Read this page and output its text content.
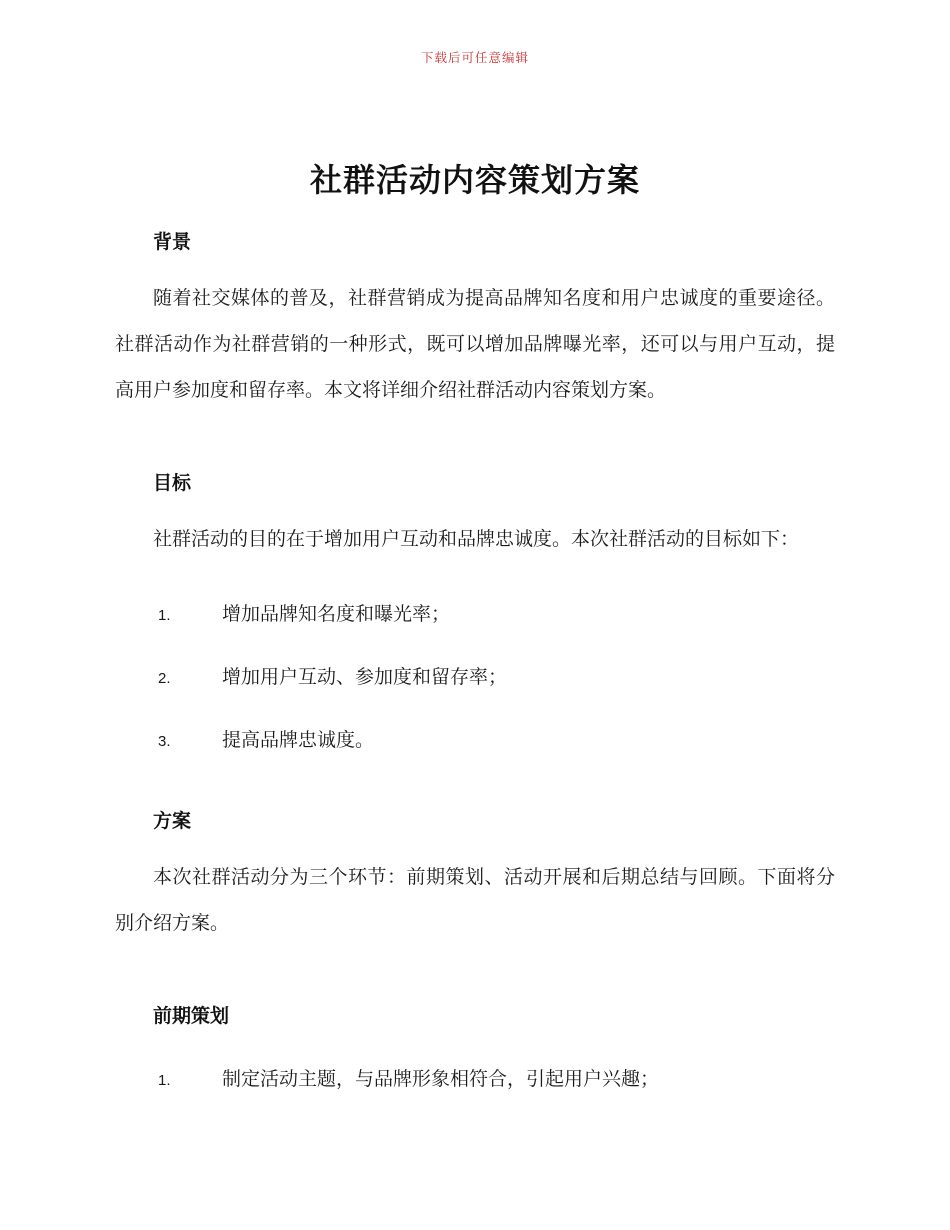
下载后可任意编辑
社群活动内容策划方案
背景

随着社交媒体的普及，社群营销成为提高品牌知名度和用户忠诚度的重要途径。社群活动作为社群营销的一种形式，既可以增加品牌曝光率，还可以与用户互动，提高用户参加度和留存率。本文将详细介绍社群活动内容策划方案。

目标

社群活动的目的在于增加用户互动和品牌忠诚度。本次社群活动的目标如下：

1.	增加品牌知名度和曝光率；
2.	增加用户互动、参加度和留存率；
3.	提高品牌忠诚度。
方案

本次社群活动分为三个环节：前期策划、活动开展和后期总结与回顾。下面将分别介绍方案。

前期策划
1.	制定活动主题，与品牌形象相符合，引起用户兴趣；
